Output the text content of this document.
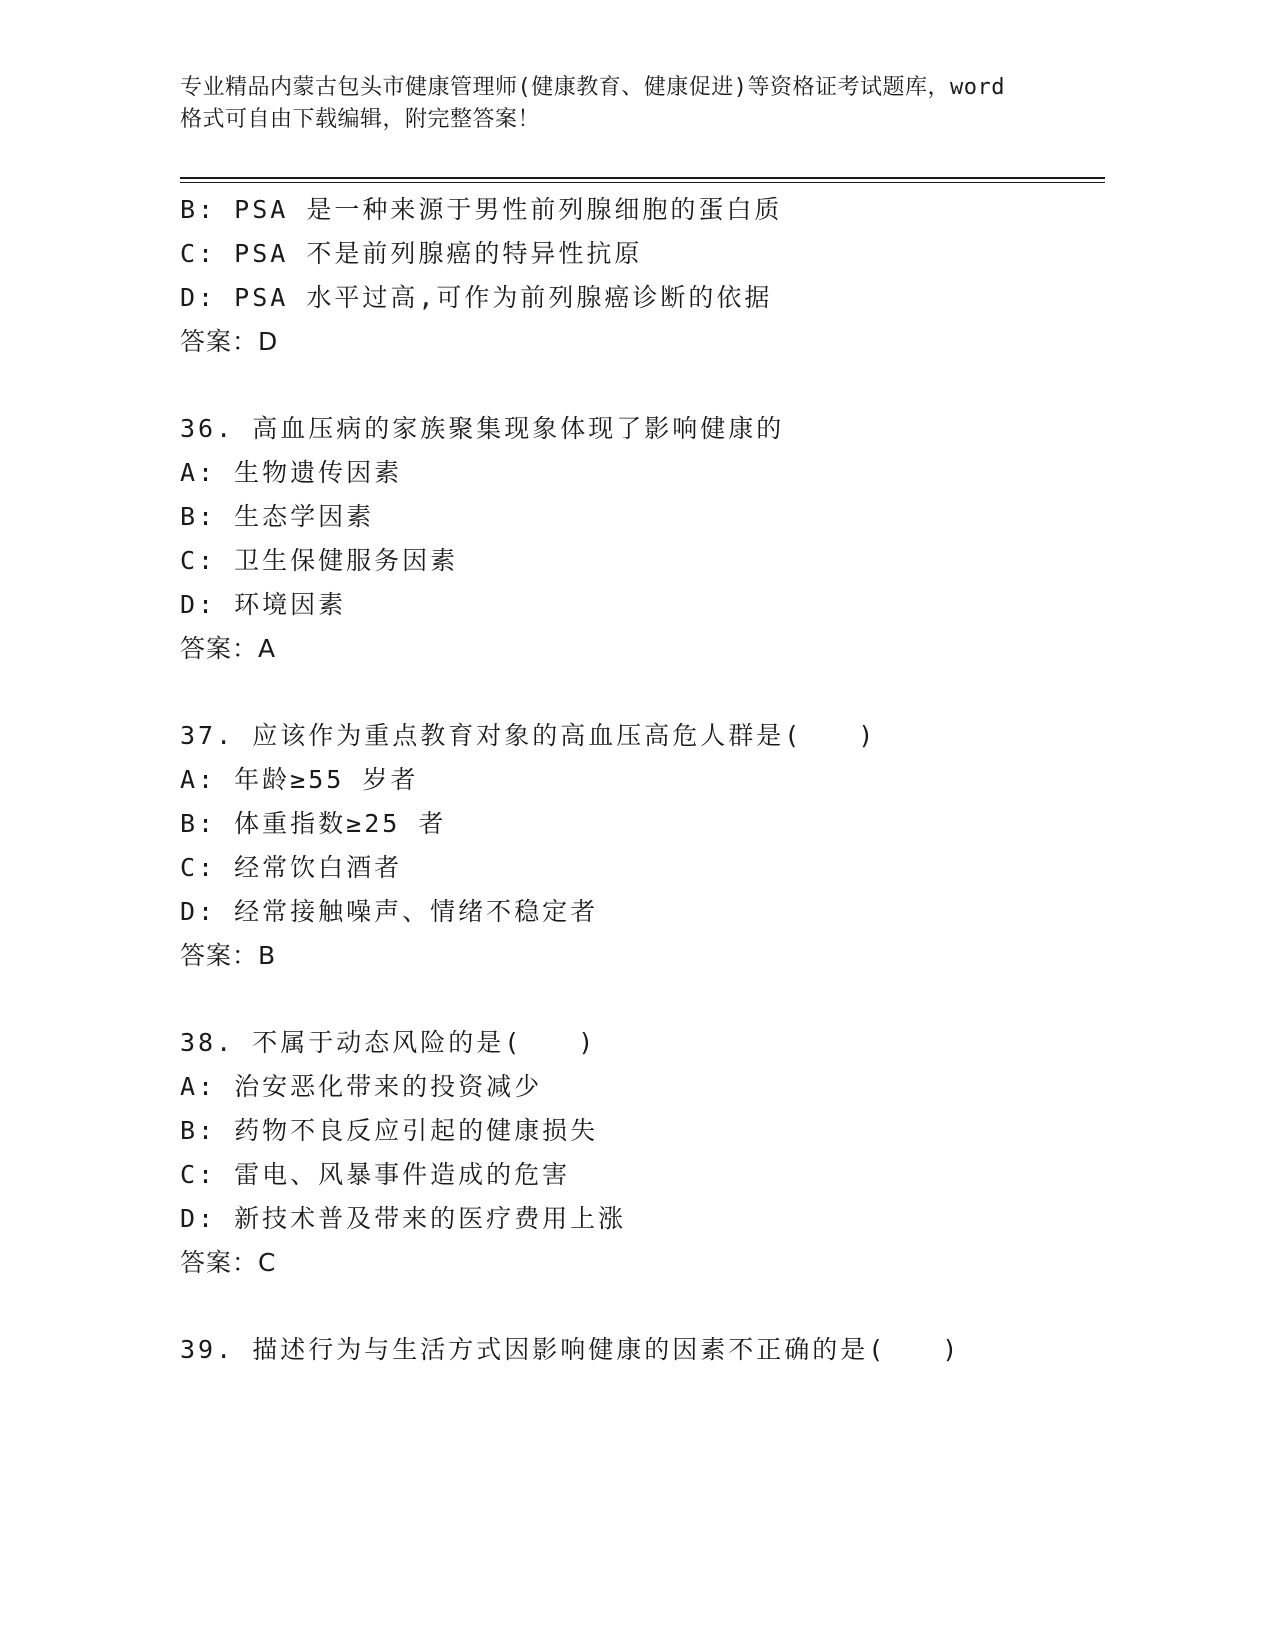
专业精品内蒙古包头市健康管理师(健康教育、健康促进)等资格证考试题库，word
格式可自由下载编辑，附完整答案！
B: PSA 是一种来源于男性前列腺细胞的蛋白质
C: PSA 不是前列腺癌的特异性抗原
D: PSA 水平过高,可作为前列腺癌诊断的依据
答案：D
36. 高血压病的家族聚集现象体现了影响健康的
A: 生物遗传因素
B: 生态学因素
C: 卫生保健服务因素
D: 环境因素
答案：A
37. 应该作为重点教育对象的高血压高危人群是(　　)
A: 年龄≥55 岁者
B: 体重指数≥25 者
C: 经常饮白酒者
D: 经常接触噪声、情绪不稳定者
答案：B
38. 不属于动态风险的是(　　)
A: 治安恶化带来的投资减少
B: 药物不良反应引起的健康损失
C: 雷电、风暴事件造成的危害
D: 新技术普及带来的医疗费用上涨
答案：C
39. 描述行为与生活方式因影响健康的因素不正确的是(　　)
